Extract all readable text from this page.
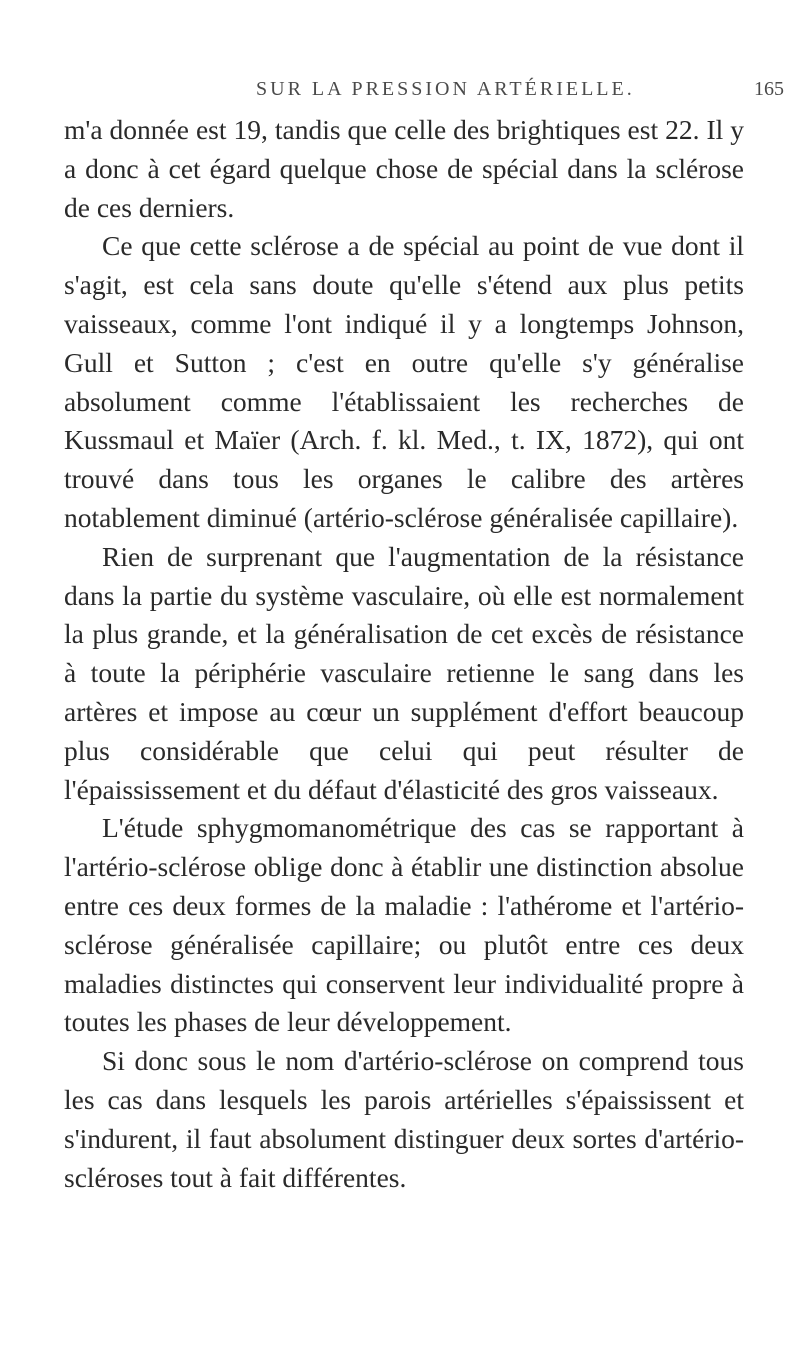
SUR LA PRESSION ARTÉRIELLE.	165

m'a donnée est 19, tandis que celle des brightiques est 22. Il y a donc à cet égard quelque chose de spécial dans la sclérose de ces derniers.

Ce que cette sclérose a de spécial au point de vue dont il s'agit, est cela sans doute qu'elle s'étend aux plus petits vaisseaux, comme l'ont indiqué il y a longtemps Johnson, Gull et Sutton ; c'est en outre qu'elle s'y généralise absolument comme l'établissaient les recherches de Kussmaul et Maïer (Arch. f. kl. Med., t. IX, 1872), qui ont trouvé dans tous les organes le calibre des artères notablement diminué (artério-sclérose généralisée capillaire).

Rien de surprenant que l'augmentation de la résistance dans la partie du système vasculaire, où elle est normalement la plus grande, et la généralisation de cet excès de résistance à toute la périphérie vasculaire retienne le sang dans les artères et impose au cœur un supplément d'effort beaucoup plus considérable que celui qui peut résulter de l'épaississement et du défaut d'élasticité des gros vaisseaux.

L'étude sphygmomanométrique des cas se rapportant à l'artério-sclérose oblige donc à établir une distinction absolue entre ces deux formes de la maladie : l'athérome et l'artério-sclérose généralisée capillaire; ou plutôt entre ces deux maladies distinctes qui conservent leur individualité propre à toutes les phases de leur développement.

Si donc sous le nom d'artério-sclérose on comprend tous les cas dans lesquels les parois artérielles s'épaississent et s'indurent, il faut absolument distinguer deux sortes d'artério-scléroses tout à fait différentes.
